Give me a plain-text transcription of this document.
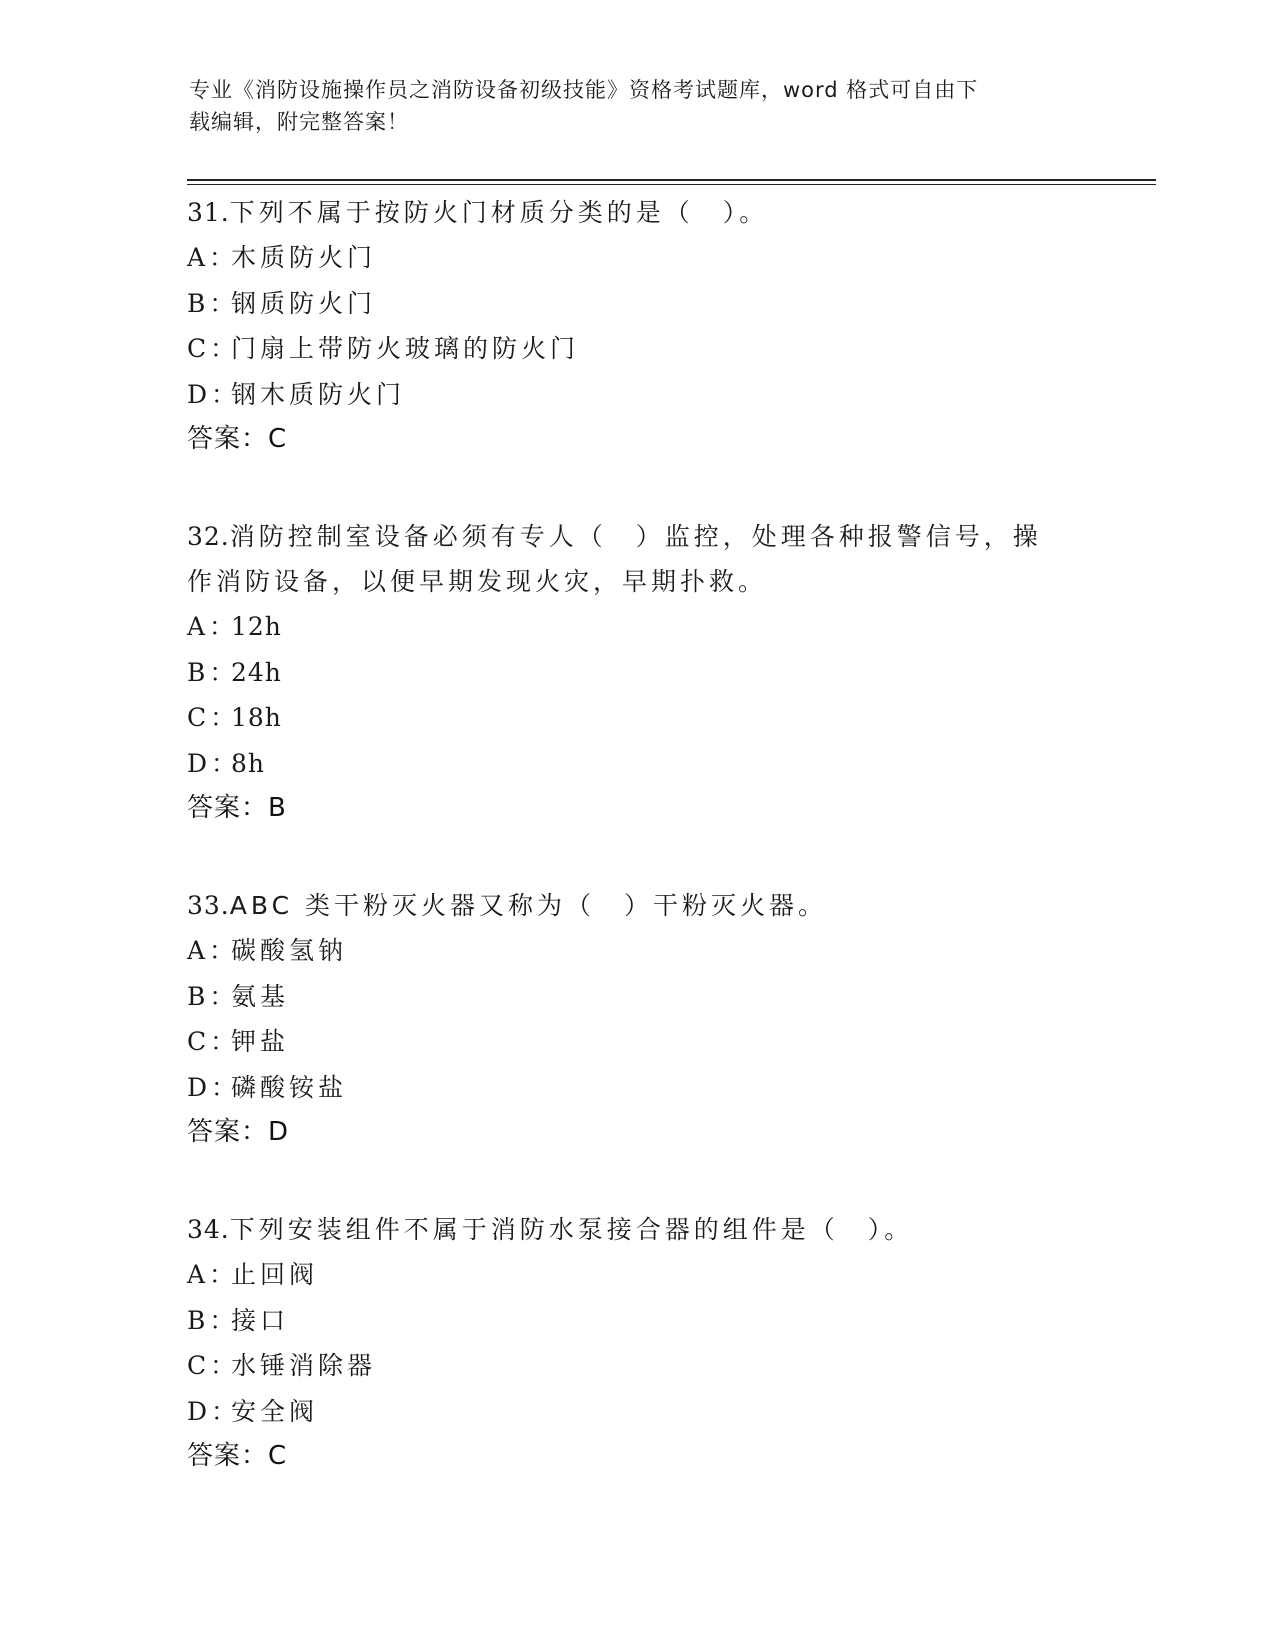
专业《消防设施操作员之消防设备初级技能》资格考试题库，word 格式可自由下
载编辑，附完整答案！

31.下列不属于按防火门材质分类的是（　）。

A：木质防火门

B：钢质防火门

C：门扇上带防火玻璃的防火门

D：钢木质防火门

答案：C

32.消防控制室设备必须有专人（　）监控，处理各种报警信号，操作消防设备，以便早期发现火灾，早期扑救。

A：12h

B：24h

C：18h

D：8h

答案：B

33.ABC 类干粉灭火器又称为（　）干粉灭火器。

A：碳酸氢钠

B：氨基

C：钾盐

D：磷酸铵盐

答案：D

34.下列安装组件不属于消防水泵接合器的组件是（　）。

A：止回阀

B：接口

C：水锤消除器

D：安全阀

答案：C
